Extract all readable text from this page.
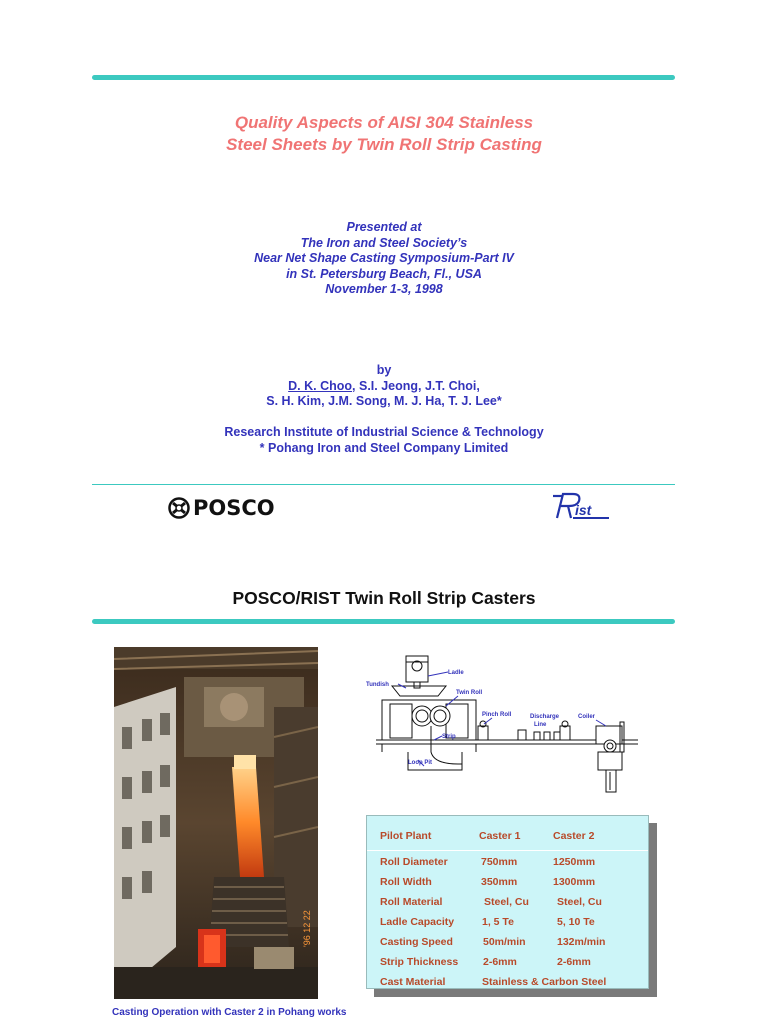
Quality Aspects of AISI 304 Stainless
Steel Sheets by Twin Roll Strip Casting
Presented at
The Iron and Steel Society’s
Near Net Shape Casting Symposium-Part IV
in St. Petersburg Beach, Fl., USA
November 1-3, 1998
by
D. K. Choo, S.I. Jeong, J.T. Choi,
S. H. Kim, J.M. Song, M. J. Ha, T. J. Lee*
Research Institute of Industrial Science & Technology
* Pohang Iron and Steel Company Limited
POSCO	ist
POSCO/RIST Twin Roll Strip Casters
'96 12 22
Casting Operation with Caster 2 in Pohang works
Ladle
Tundish
Twin Roll
Pinch Roll	Discharge
Line
Coiler
Strip
Loop Pit
Pilot Plant	Caster 1	Caster 2
Roll Diameter	750mm	1250mm
Roll Width	350mm	1300mm
Roll Material	Steel, Cu	Steel, Cu
Ladle Capacity	1, 5 Te	5, 10 Te
Casting Speed	50m/min	132m/min
Strip Thickness 2-6mm	2-6mm
Cast Material	Stainless & Carbon Steel
